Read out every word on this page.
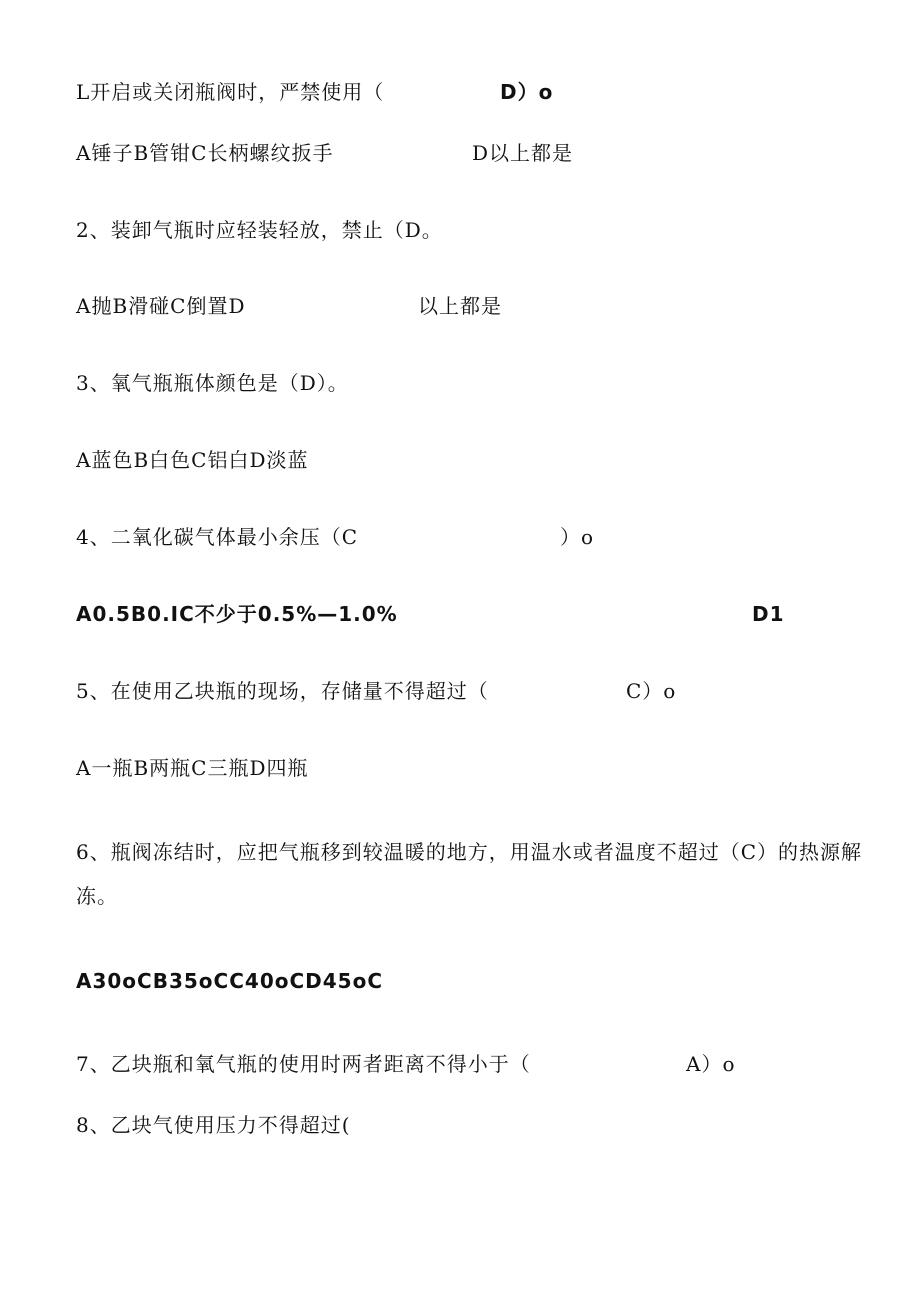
L开启或关闭瓶阀时，严禁使用（	D）o
A锤子B管钳C长柄螺纹扳手	D以上都是
2、装卸气瓶时应轻装轻放，禁止（D。
A抛B滑碰C倒置D	以上都是
3、氧气瓶瓶体颜色是（D）。
A蓝色B白色C铝白D淡蓝
4、二氧化碳气体最小余压（C	）o
A0.5B0.IC不少于0.5%—1.0%	D1
5、在使用乙块瓶的现场，存储量不得超过（	C）o
A一瓶B两瓶C三瓶D四瓶
6、瓶阀冻结时，应把气瓶移到较温暖的地方，用温水或者温度不超过（C）的热源解冻。
A30oCB35oCC40oCD45oC
7、乙块瓶和氧气瓶的使用时两者距离不得小于（	A）o
8、乙块气使用压力不得超过(
